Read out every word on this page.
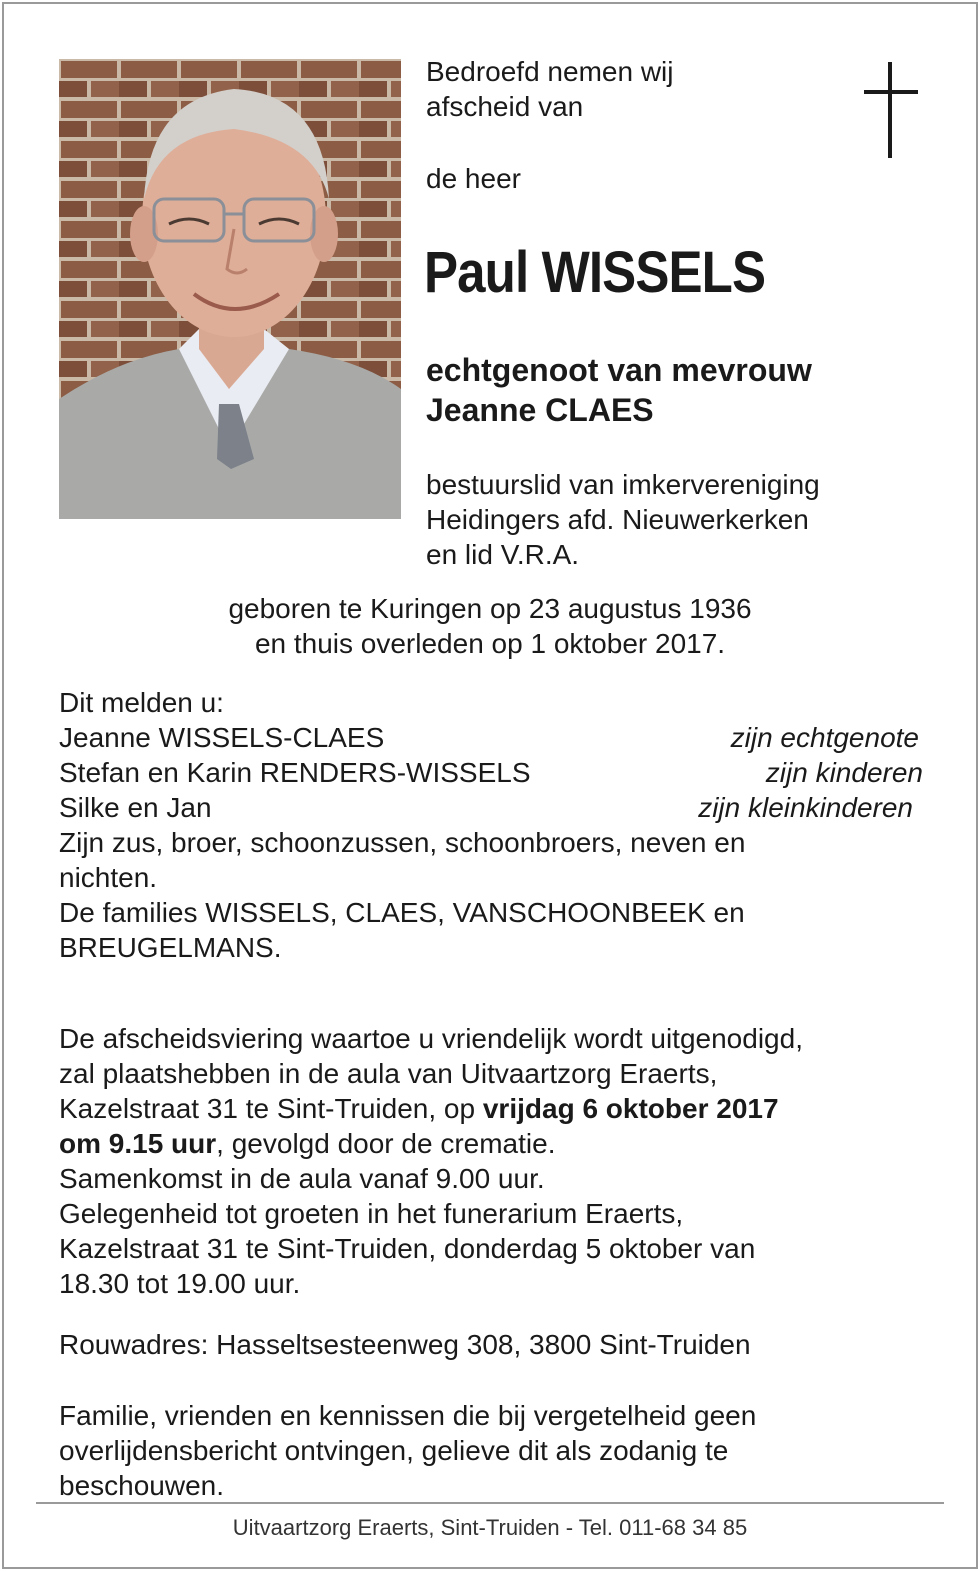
Bedroefd nemen wij
afscheid van
de heer
Paul WISSELS
echtgenoot van mevrouw
Jeanne CLAES
bestuurslid van imkervereniging
Heidingers afd. Nieuwerkerken
en lid V.R.A.
geboren te Kuringen op 23 augustus 1936
en thuis overleden op 1 oktober 2017.
Dit melden u:
Jeanne WISSELS-CLAES	zijn echtgenote
Stefan en Karin RENDERS-WISSELS	zijn kinderen
Silke en Jan	zijn kleinkinderen
Zijn zus, broer, schoonzussen, schoonbroers, neven en
nichten.
De families WISSELS, CLAES, VANSCHOONBEEK en
BREUGELMANS.
De afscheidsviering waartoe u vriendelijk wordt uitgenodigd,
zal plaatshebben in de aula van Uitvaartzorg Eraerts,
Kazelstraat 31 te Sint-Truiden, op vrijdag 6 oktober 2017
om 9.15 uur, gevolgd door de crematie.
Samenkomst in de aula vanaf 9.00 uur.
Gelegenheid tot groeten in het funerarium Eraerts,
Kazelstraat 31 te Sint-Truiden, donderdag 5 oktober van
18.30 tot 19.00 uur.
Rouwadres: Hasseltsesteenweg 308, 3800 Sint-Truiden
Familie, vrienden en kennissen die bij vergetelheid geen
overlijdensbericht ontvingen, gelieve dit als zodanig te
beschouwen.
Uitvaartzorg Eraerts, Sint-Truiden - Tel. 011-68 34 85
